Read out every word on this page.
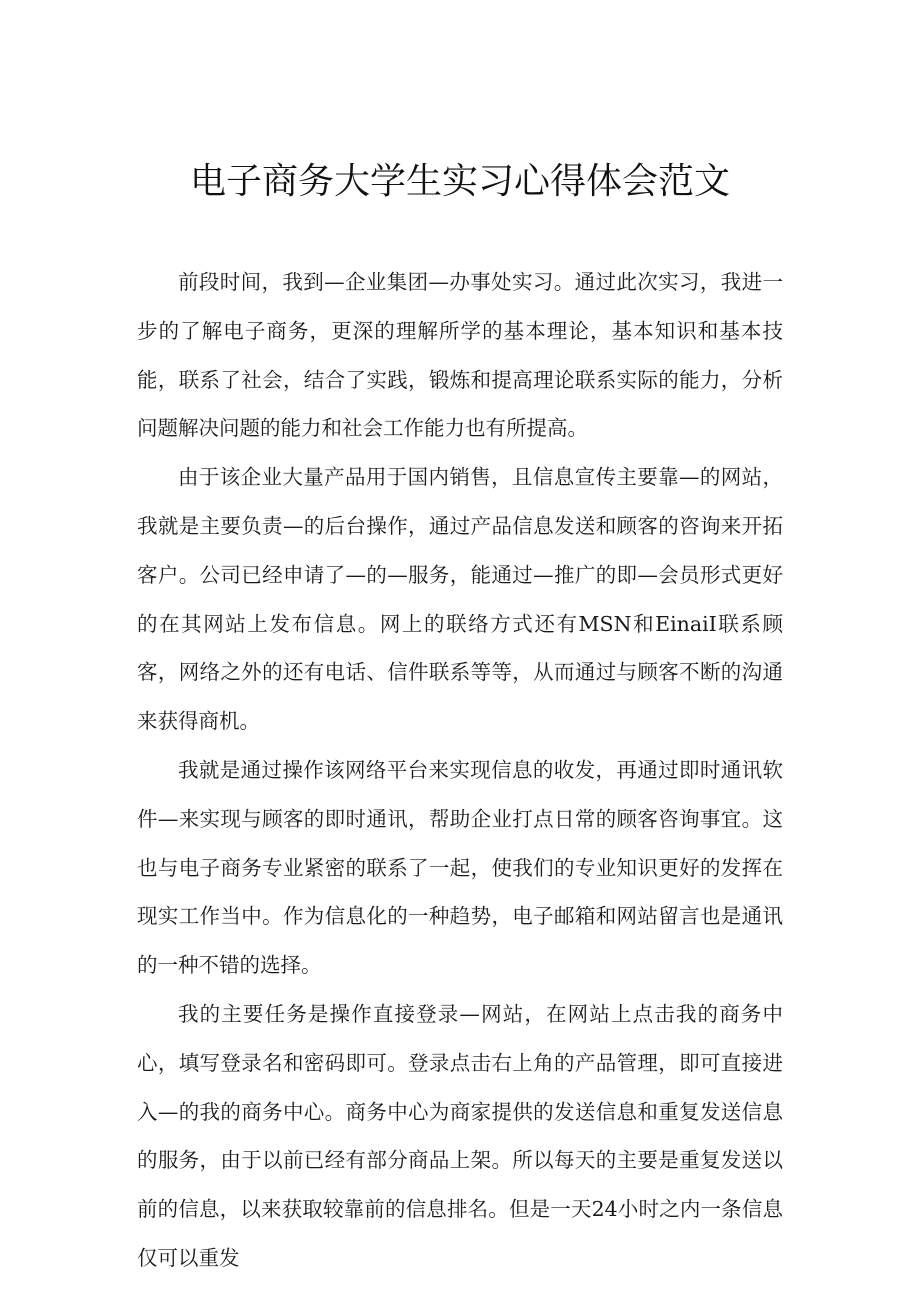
电子商务大学生实习心得体会范文

前段时间，我到—企业集团—办事处实习。通过此次实习，我进一步的了解电子商务，更深的理解所学的基本理论，基本知识和基本技能，联系了社会，结合了实践，锻炼和提高理论联系实际的能力，分析问题解决问题的能力和社会工作能力也有所提高。

由于该企业大量产品用于国内销售，且信息宣传主要靠—的网站，我就是主要负责—的后台操作，通过产品信息发送和顾客的咨询来开拓客户。公司已经申请了—的—服务，能通过—推广的即—会员形式更好的在其网站上发布信息。网上的联络方式还有MSN和EinaiI联系顾客，网络之外的还有电话、信件联系等等，从而通过与顾客不断的沟通来获得商机。

我就是通过操作该网络平台来实现信息的收发，再通过即时通讯软件—来实现与顾客的即时通讯，帮助企业打点日常的顾客咨询事宜。这也与电子商务专业紧密的联系了一起，使我们的专业知识更好的发挥在现实工作当中。作为信息化的一种趋势，电子邮箱和网站留言也是通讯的一种不错的选择。

我的主要任务是操作直接登录—网站，在网站上点击我的商务中心，填写登录名和密码即可。登录点击右上角的产品管理，即可直接进入—的我的商务中心。商务中心为商家提供的发送信息和重复发送信息的服务，由于以前已经有部分商品上架。所以每天的主要是重复发送以前的信息，以来获取较靠前的信息排名。但是一天24小时之内一条信息仅可以重发
